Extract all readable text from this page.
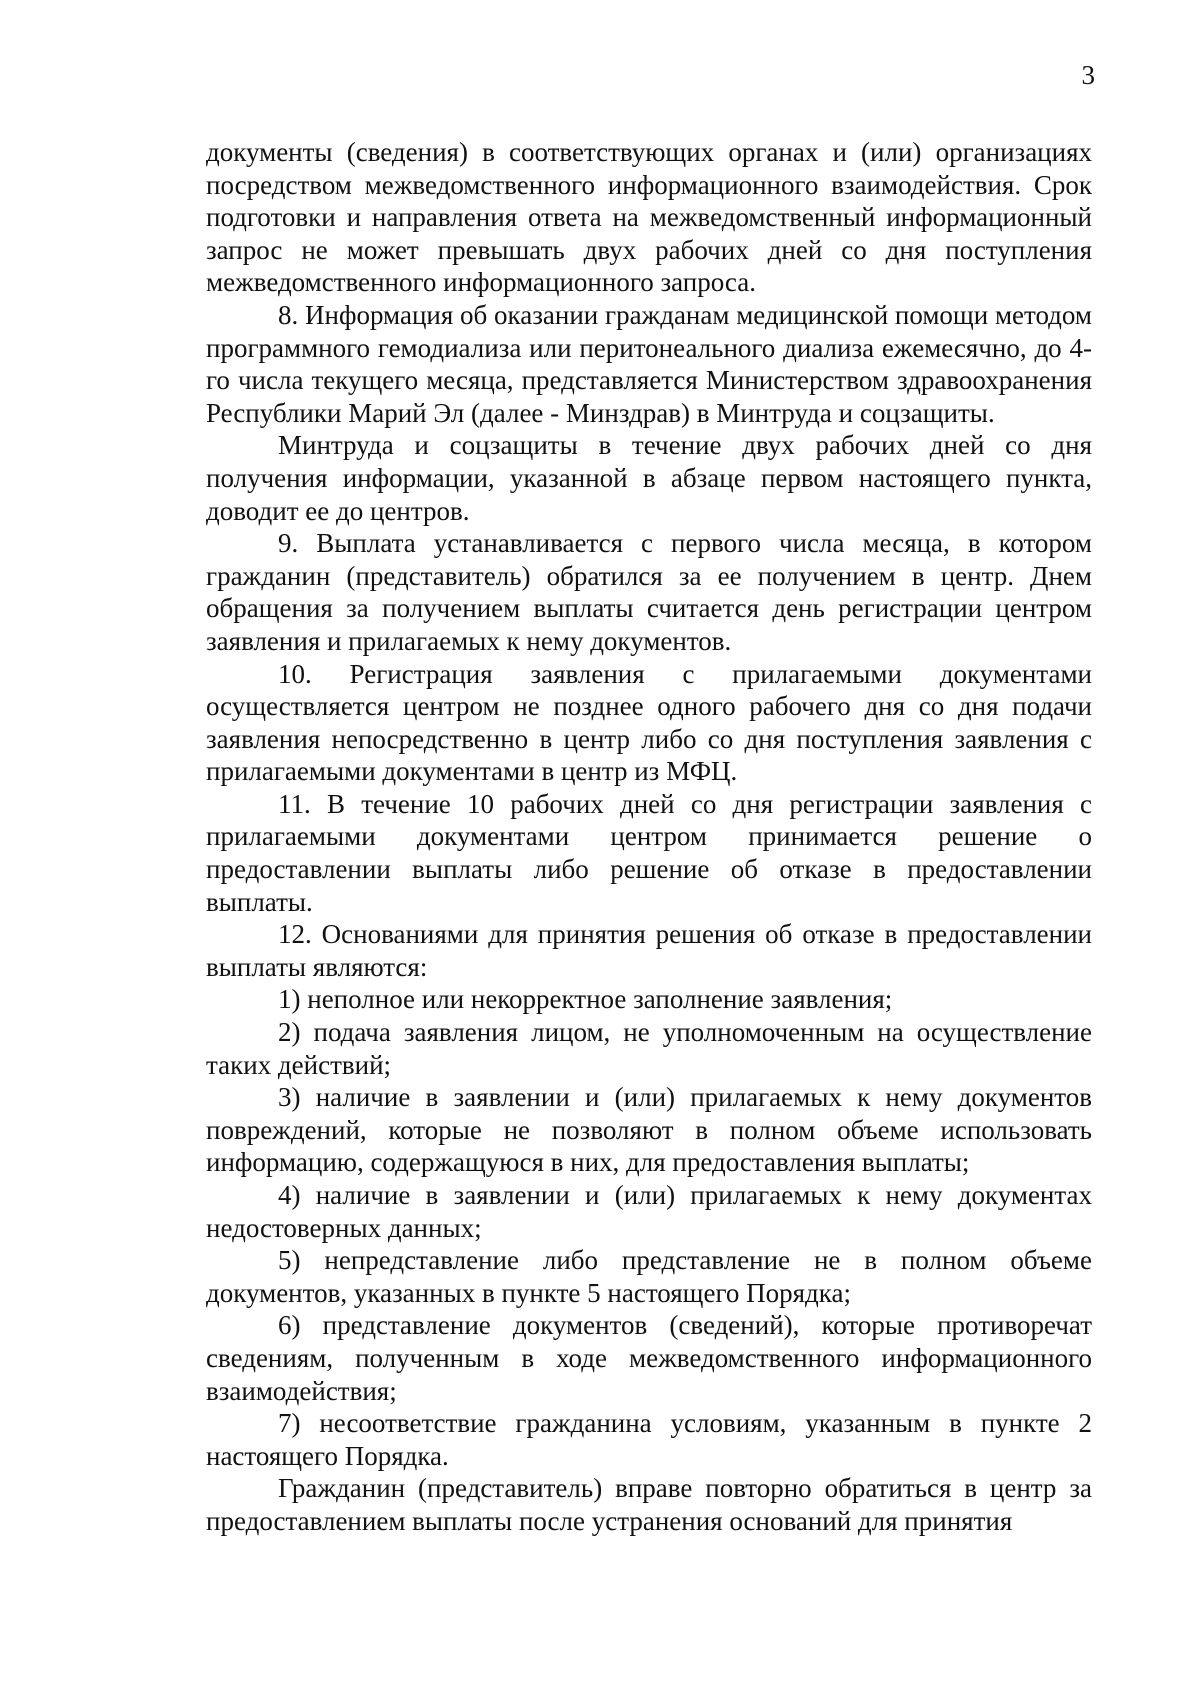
3

документы (сведения) в соответствующих органах и (или) организациях посредством межведомственного информационного взаимодействия. Срок подготовки и направления ответа на межведомственный информационный запрос не может превышать двух рабочих дней со дня поступления межведомственного информационного запроса.

8. Информация об оказании гражданам медицинской помощи методом программного гемодиализа или перитонеального диализа ежемесячно, до 4-го числа текущего месяца, представляется Министерством здравоохранения Республики Марий Эл (далее - Минздрав) в Минтруда и соцзащиты.

Минтруда и соцзащиты в течение двух рабочих дней со дня получения информации, указанной в абзаце первом настоящего пункта, доводит ее до центров.

9. Выплата устанавливается с первого числа месяца, в котором гражданин (представитель) обратился за ее получением в центр. Днем обращения за получением выплаты считается день регистрации центром заявления и прилагаемых к нему документов.

10. Регистрация заявления с прилагаемыми документами осуществляется центром не позднее одного рабочего дня со дня подачи заявления непосредственно в центр либо со дня поступления заявления с прилагаемыми документами в центр из МФЦ.

11. В течение 10 рабочих дней со дня регистрации заявления с прилагаемыми документами центром принимается решение о предоставлении выплаты либо решение об отказе в предоставлении выплаты.

12. Основаниями для принятия решения об отказе в предоставлении выплаты являются:

1) неполное или некорректное заполнение заявления;

2) подача заявления лицом, не уполномоченным на осуществление таких действий;

3) наличие в заявлении и (или) прилагаемых к нему документов повреждений, которые не позволяют в полном объеме использовать информацию, содержащуюся в них, для предоставления выплаты;

4) наличие в заявлении и (или) прилагаемых к нему документах недостоверных данных;

5) непредставление либо представление не в полном объеме документов, указанных в пункте 5 настоящего Порядка;

6) представление документов (сведений), которые противоречат сведениям, полученным в ходе межведомственного информационного взаимодействия;

7) несоответствие гражданина условиям, указанным в пункте 2 настоящего Порядка.

Гражданин (представитель) вправе повторно обратиться в центр за предоставлением выплаты после устранения оснований для принятия
